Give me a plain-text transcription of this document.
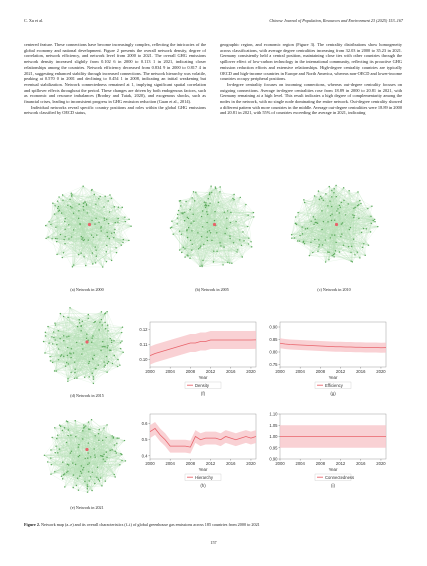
C. Xu et al.	Chinese Journal of Population, Resources and Environment 23 (2025) 153–167

centered feature. These connections have become increasingly complex, reflecting the intricacies of the global economy and national development. Figure 2 presents the overall network density, degree of correlation, network efficiency, and network level from 2000 to 2021. The overall GHG emissions network density increased slightly from 0.102 6 in 2000 to 0.113 1 in 2021, indicating closer relationships among the countries. Network efficiency decreased from 0.834 9 in 2000 to 0.817 4 in 2021, suggesting enhanced stability through increased connections. The network hierarchy was volatile, peaking at 0.570 0 in 2001 and declining to 0.454 1 in 2008, indicating an initial weakening but eventual stabilization. Network connectedness remained at 1, implying significant spatial correlation and spillover effects throughout the period. These changes are driven by both endogenous factors, such as economic and resource imbalances (Brodny and Tutak, 2020), and exogenous shocks, such as financial crises, leading to inconsistent progress in GHG emission reduction (Guan et al., 2014).

Individual networks reveal specific country positions and roles within the global GHG emissions network classified by OECD status,

geographic region, and economic region (Figure 3). The centrality distributions show homogeneity across classifications, with average degree centralities increasing from 32.03 in 2000 to 35.23 in 2021. Germany consistently held a central position, maintaining close ties with other countries through the spillover effect of low-carbon technology in the international community, reflecting its proactive GHG emission reduction efforts and extensive relationships. High-degree centrality countries are typically OECD and high-income countries in Europe and North America, whereas non-OECD and lower-income countries occupy peripheral positions.

In-degree centrality focuses on incoming connections, whereas out-degree centrality focuses on outgoing connections. Average in-degree centralities rose from 18.89 in 2000 to 20.81 in 2021, with Germany remaining at a high level. This result indicates a high degree of complementarity among the nodes in the network, with no single node dominating the entire network. Out-degree centrality showed a different pattern with more countries in the middle. Average out-degree centralities were 18.89 in 2000 and 20.81 in 2021, with 55% of countries exceeding the average in 2021, indicating

(a) Network in 2000	(b) Network in 2005	(c) Network in 2010
(d) Network in 2015
(e) Network in 2021
0.10
0.11
0.12
2000	2004	2008	2012	2016	2020
Year
Density
(f)
0.75
0.80
0.85
0.90
2000	2004	2008	2012	2016	2020
Year
Efficiency
(g)
0.4
0.5
0.6
2000	2004	2008	2012	2016	2020
Year
Hierarchy
(h)
0.90
0.95
1.00
1.05
1.10
2000	2004	2008	2012	2016	2020
Year
Connectedness
(i)
Figure 2. Network map (a–e) and its overall characteristics (f–i) of global greenhouse gas emissions across 185 countries from 2000 to 2021
157
